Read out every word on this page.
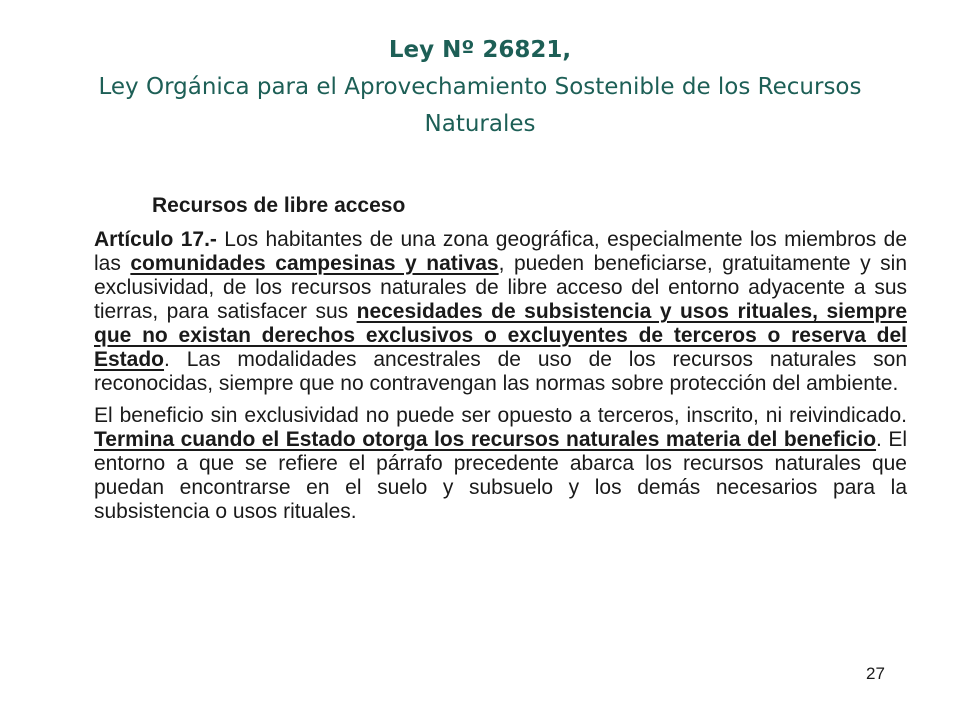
Ley Nº 26821,
Ley Orgánica para el Aprovechamiento Sostenible de los Recursos Naturales
Recursos de libre acceso

Artículo 17.- Los habitantes de una zona geográfica, especialmente los miembros de las comunidades campesinas y nativas, pueden beneficiarse, gratuitamente y sin exclusividad, de los recursos naturales de libre acceso del entorno adyacente a sus tierras, para satisfacer sus necesidades de subsistencia y usos rituales, siempre que no existan derechos exclusivos o excluyentes de terceros o reserva del Estado. Las modalidades ancestrales de uso de los recursos naturales son reconocidas, siempre que no contravengan las normas sobre protección del ambiente.

El beneficio sin exclusividad no puede ser opuesto a terceros, inscrito, ni reivindicado. Termina cuando el Estado otorga los recursos naturales materia del beneficio. El entorno a que se refiere el párrafo precedente abarca los recursos naturales que puedan encontrarse en el suelo y subsuelo y los demás necesarios para la subsistencia o usos rituales.

27
